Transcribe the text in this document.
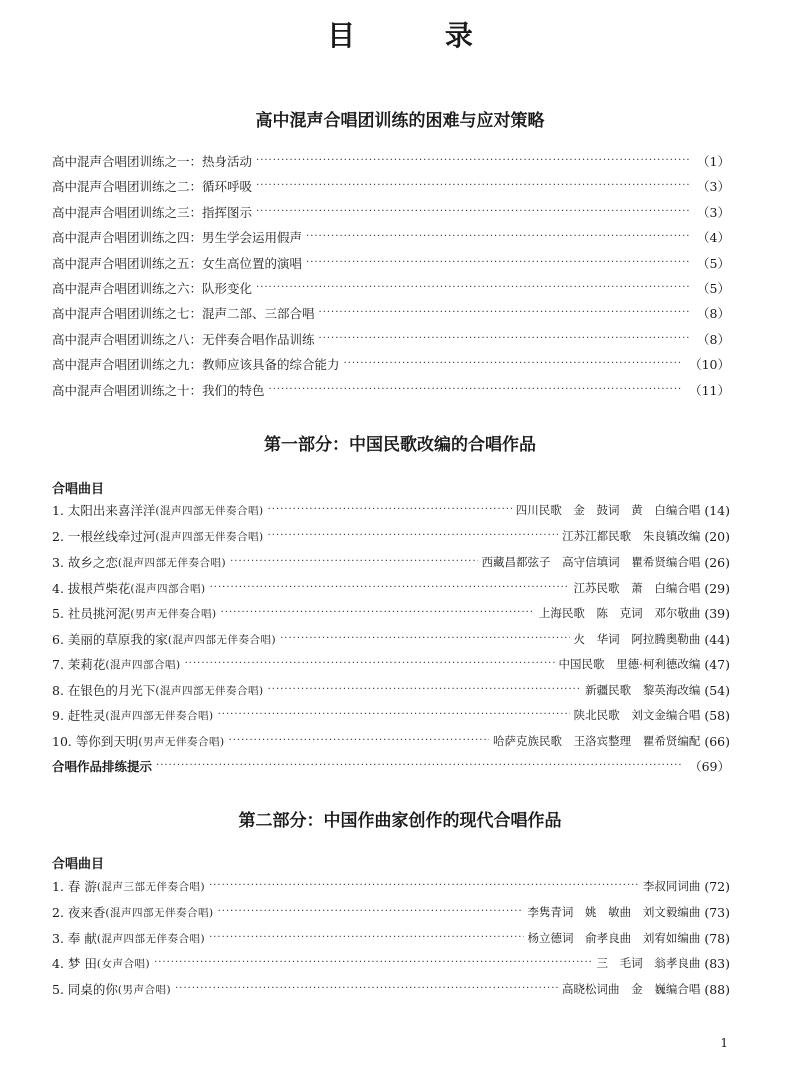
目 录
高中混声合唱团训练的困难与应对策略
高中混声合唱团训练之一：热身活动 ·····	（1）
高中混声合唱团训练之二：循环呼吸 ·····	（3）
高中混声合唱团训练之三：指挥图示 ·····	（3）
高中混声合唱团训练之四：男生学会运用假声 ·····	（4）
高中混声合唱团训练之五：女生高位置的演唱 ·····	（5）
高中混声合唱团训练之六：队形变化 ·····	（5）
高中混声合唱团训练之七：混声二部、三部合唱 ·····	（8）
高中混声合唱团训练之八：无伴奏合唱作品训练 ·····	（8）
高中混声合唱团训练之九：教师应该具备的综合能力 ·····	（10）
高中混声合唱团训练之十：我们的特色 ·····	（11）
第一部分：中国民歌改编的合唱作品
合唱曲目
1. 太阳出来喜洋洋 (混声四部无伴奏合唱) ·····	四川民歌 金 鼓词 黄 白编合唱 (14)
2. 一根丝线牵过河 (混声四部无伴奏合唱) ·····	江苏江都民歌 朱良镇改编 (20)
3. 故乡之恋 (混声四部无伴奏合唱) ·····	西藏昌都弦子 高守信填词 瞿希贤编合唱 (26)
4. 拔根芦柴花 (混声四部合唱) ·····	江苏民歌 萧 白编合唱 (29)
5. 社员挑河泥 (男声无伴奏合唱) ·····	上海民歌 陈 克词 邓尔敬曲 (39)
6. 美丽的草原我的家 (混声四部无伴奏合唱) ·····	火 华词 阿拉腾奥勒曲 (44)
7. 茉莉花 (混声四部合唱) ·····	中国民歌 里德·柯利德改编 (47)
8. 在银色的月光下 (混声四部无伴奏合唱) ·····	新疆民歌 黎英海改编 (54)
9. 赶牲灵 (混声四部无伴奏合唱) ·····	陕北民歌 刘文金编合唱 (58)
10. 等你到天明 (男声无伴奏合唱) ·····	哈萨克族民歌 王洛宾整理 瞿希贤编配 (66)
合唱作品排练提示 ·····	（69）
第二部分：中国作曲家创作的现代合唱作品
合唱曲目
1. 春 游 (混声三部无伴奏合唱) ·····	李叔同词曲 (72)
2. 夜来香 (混声四部无伴奏合唱) ·····	李隽青词 姚 敏曲 刘文毅编曲 (73)
3. 奉 献 (混声四部无伴奏合唱) ·····	杨立德词 俞孝良曲 刘宥如编曲 (78)
4. 梦 田 (女声合唱) ·····	三 毛词 翁孝良曲 (83)
5. 同桌的你 (男声合唱) ·····	高晓松词曲 金 巍编合唱 (88)
1
